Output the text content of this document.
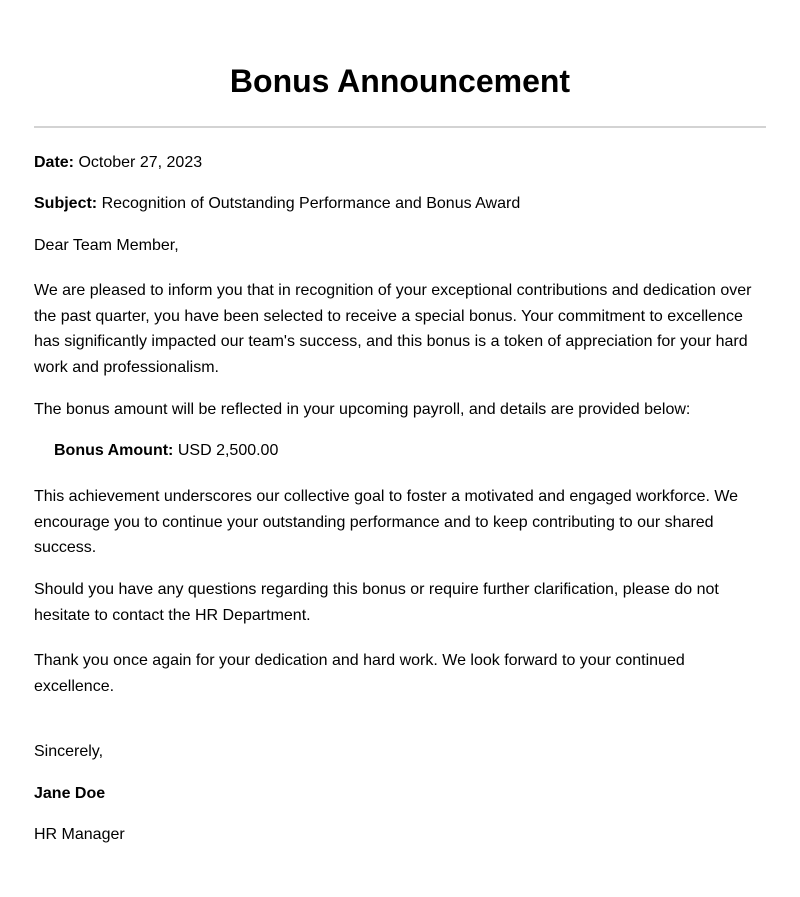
Bonus Announcement

Date: October 27, 2023

Subject: Recognition of Outstanding Performance and Bonus Award

Dear Team Member,

We are pleased to inform you that in recognition of your exceptional contributions and dedication over the past quarter, you have been selected to receive a special bonus. Your commitment to excellence has significantly impacted our team's success, and this bonus is a token of appreciation for your hard work and professionalism.

The bonus amount will be reflected in your upcoming payroll, and details are provided below:

Bonus Amount: USD 2,500.00

This achievement underscores our collective goal to foster a motivated and engaged workforce. We encourage you to continue your outstanding performance and to keep contributing to our shared success.

Should you have any questions regarding this bonus or require further clarification, please do not hesitate to contact the HR Department.

Thank you once again for your dedication and hard work. We look forward to your continued excellence.

Sincerely,

Jane Doe

HR Manager
